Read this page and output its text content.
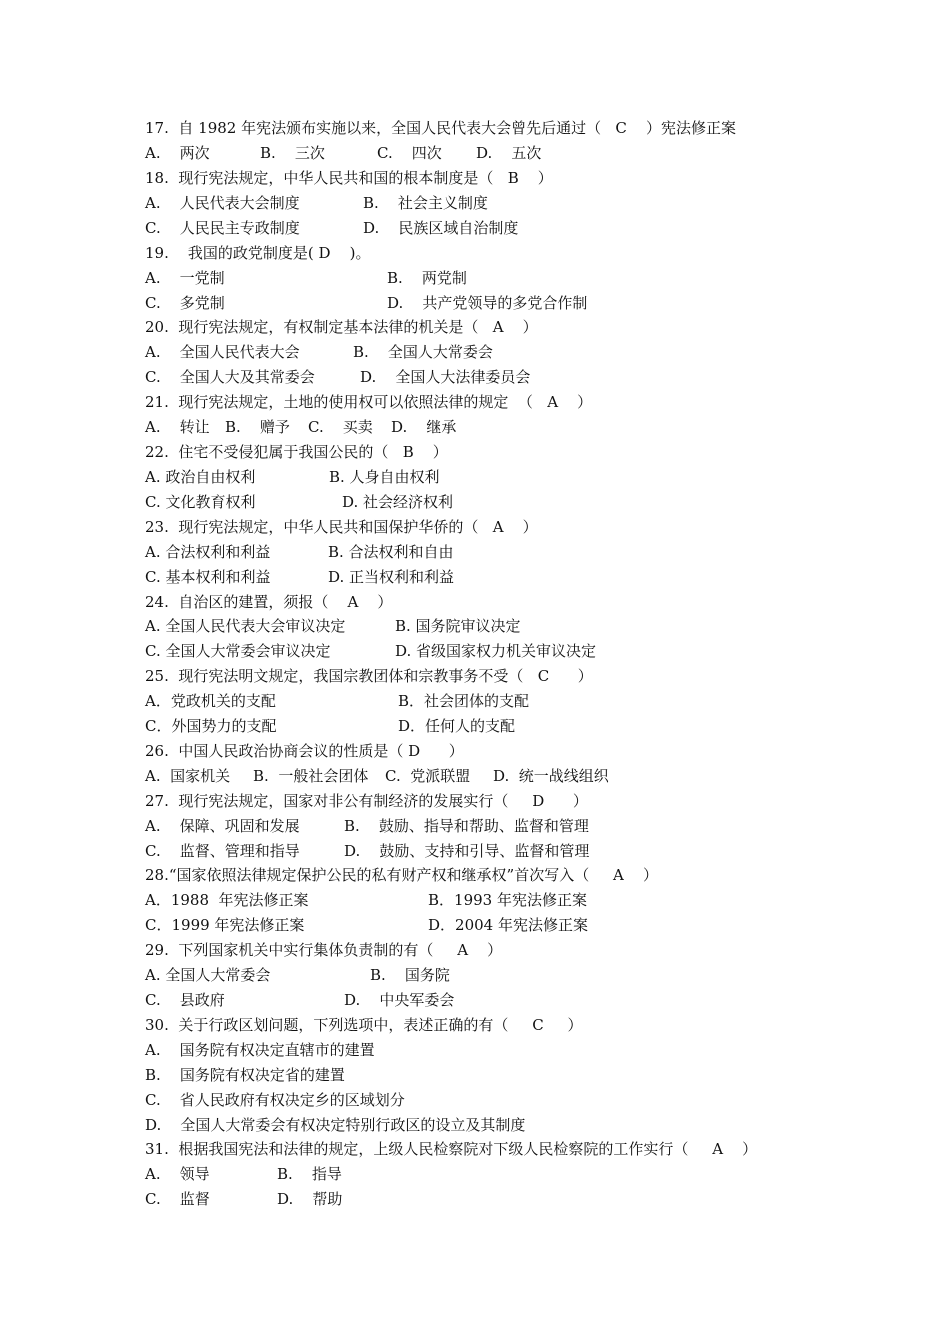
17.  自 1982 年宪法颁布实施以来，全国人民代表大会曾先后通过（   C    ）宪法修正案

A.    两次

	B.    三次

	C.    四次

D.    五次

18.  现行宪法规定，中华人民共和国的根本制度是（   B    ）

A.    人民代表大会制度

	B.    社会主义制度

C.    人民民主专政制度

	D.    民族区域自治制度

19.    我国的政党制度是( D    )。

A.    一党制

	B.    两党制

C.    多党制

	D.    共产党领导的多党合作制

20.  现行宪法规定，有权制定基本法律的机关是（   A    ）

A.    全国人民代表大会

	B.    全国人大常委会

C.    全国人大及其常委会

	D.    全国人大法律委员会

21.  现行宪法规定，土地的使用权可以依照法律的规定  （   A    ）

A.    转让

B.    赠予

C.    买卖

D.    继承

22.  住宅不受侵犯属于我国公民的（   B    ）

A. 政治自由权利

	B. 人身自由权利

C. 文化教育权利

	D. 社会经济权利

23.  现行宪法规定，中华人民共和国保护华侨的（   A    ）

A. 合法权利和利益

	B. 合法权利和自由

C. 基本权利和利益

	D. 正当权利和利益

24.  自治区的建置，须报（    A    ）

A. 全国人民代表大会审议决定

	B. 国务院审议决定

C. 全国人大常委会审议决定

	D. 省级国家权力机关审议决定

25.  现行宪法明文规定，我国宗教团体和宗教事务不受（   C      ）

A．党政机关的支配

	B．社会团体的支配

C．外国势力的支配

	D．任何人的支配

26.  中国人民政治协商会议的性质是（ D      ）

A.  国家机关

B.  一般社会团体

C.  党派联盟

D.  统一战线组织

27.  现行宪法规定，国家对非公有制经济的发展实行（     D      ）

A.    保障、巩固和发展

	B.    鼓励、指导和帮助、监督和管理

C.    监督、管理和指导

	D.    鼓励、支持和引导、监督和管理

28.“国家依照法律规定保护公民的私有财产权和继承权”首次写入（     A    ）

A．1988  年宪法修正案

	B．1993 年宪法修正案

C．1999 年宪法修正案

	D．2004 年宪法修正案

29.  下列国家机关中实行集体负责制的有（     A    ）

A. 全国人大常委会

	B.    国务院

C.    县政府

	D.    中央军委会

30.  关于行政区划问题，下列选项中，表述正确的有（     C     ）
A.    国务院有权决定直辖市的建置
B.    国务院有权决定省的建置
C.    省人民政府有权决定乡的区域划分
D.    全国人大常委会有权决定特别行政区的设立及其制度
31.  根据我国宪法和法律的规定，上级人民检察院对下级人民检察院的工作实行（     A    ）

A.    领导

	B.    指导

C.    监督

	D.    帮助
